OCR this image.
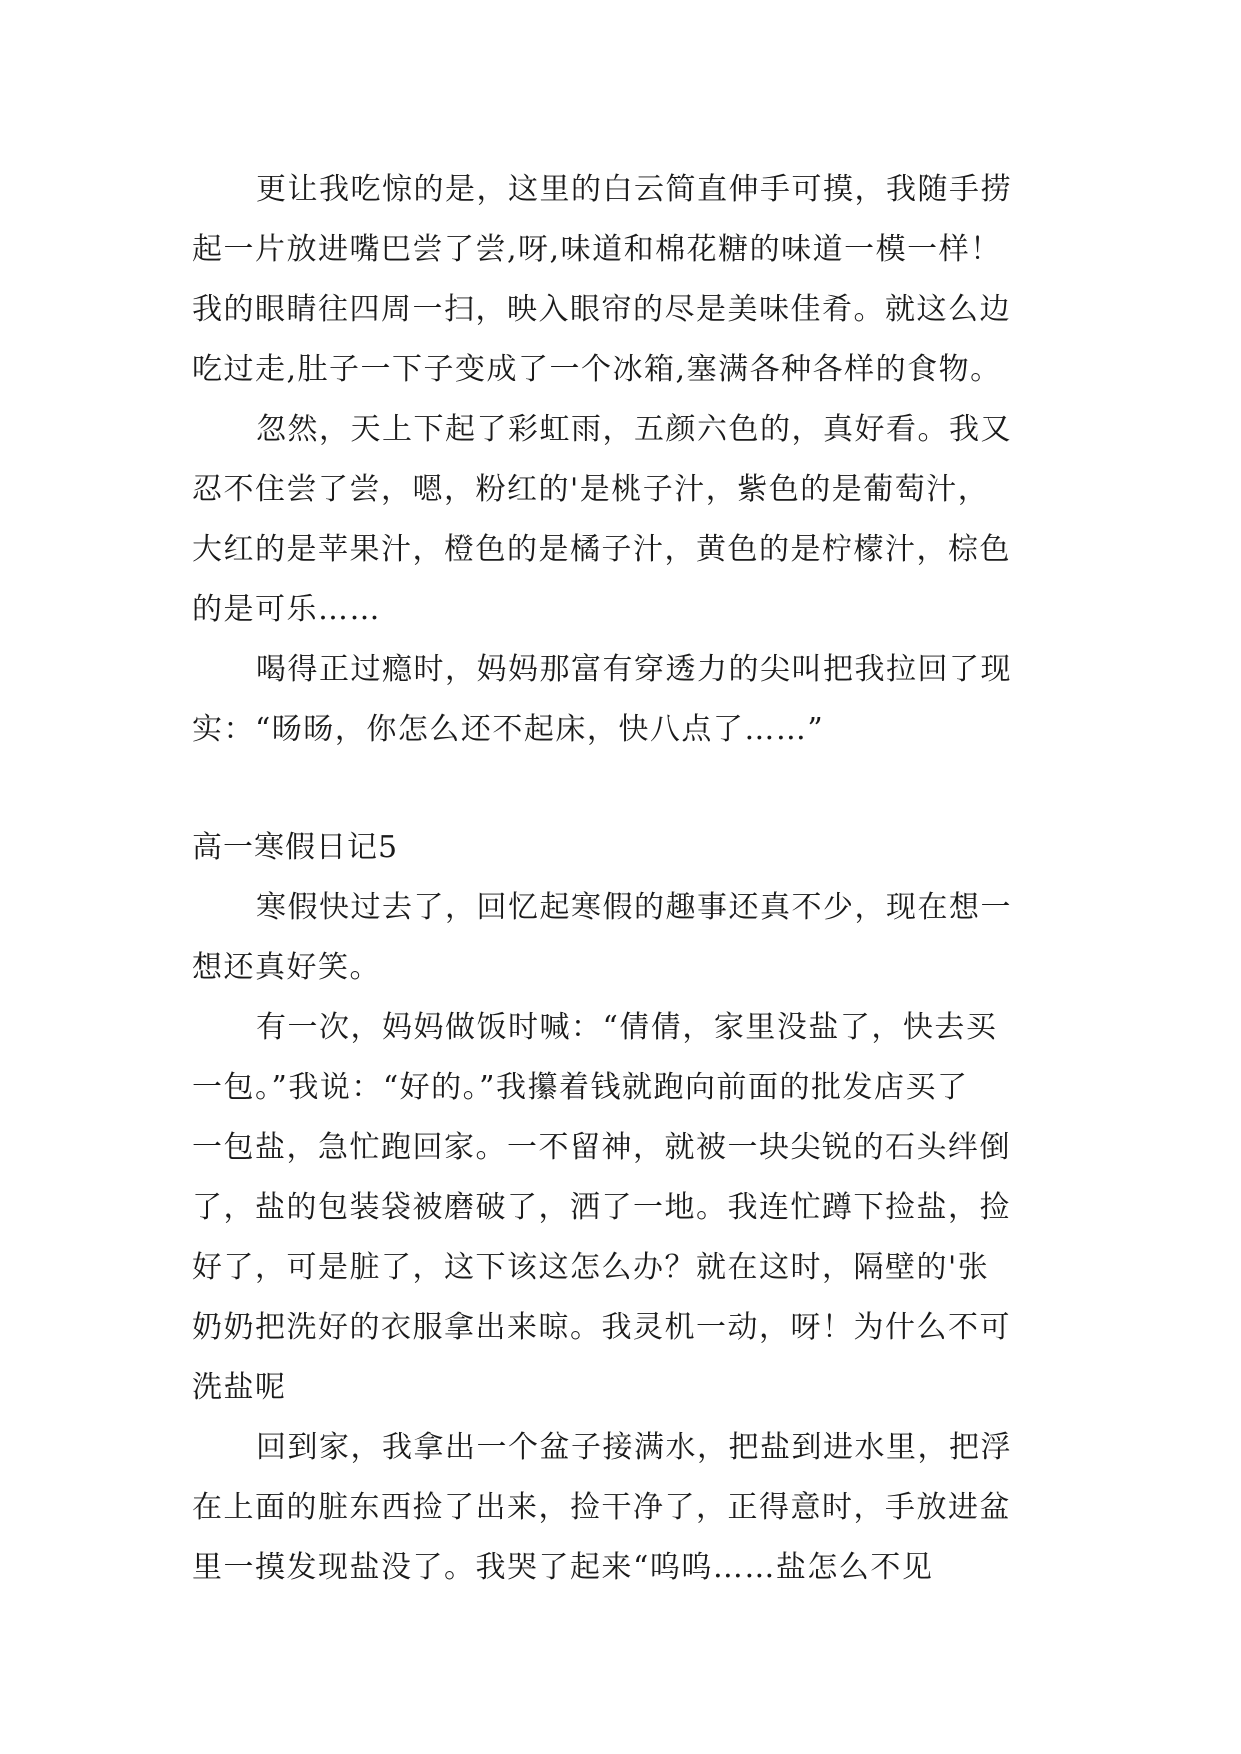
更让我吃惊的是，这里的白云简直伸手可摸，我随手捞
起一片放进嘴巴尝了尝,呀,味道和棉花糖的味道一模一样！
我的眼睛往四周一扫，映入眼帘的尽是美味佳肴。就这么边
吃过走,肚子一下子变成了一个冰箱,塞满各种各样的食物。
忽然，天上下起了彩虹雨，五颜六色的，真好看。我又
忍不住尝了尝，嗯，粉红的'是桃子汁，紫色的是葡萄汁，
大红的是苹果汁，橙色的是橘子汁，黄色的是柠檬汁，棕色
的是可乐……
喝得正过瘾时，妈妈那富有穿透力的尖叫把我拉回了现
实：“旸旸，你怎么还不起床，快八点了……”
高一寒假日记5
寒假快过去了，回忆起寒假的趣事还真不少，现在想一
想还真好笑。
有一次，妈妈做饭时喊：“倩倩，家里没盐了，快去买
一包。”我说：“好的。”我攥着钱就跑向前面的批发店买了
一包盐，急忙跑回家。一不留神，就被一块尖锐的石头绊倒
了，盐的包装袋被磨破了，洒了一地。我连忙蹲下捡盐，捡
好了，可是脏了，这下该这怎么办？就在这时，隔壁的'张
奶奶把洗好的衣服拿出来晾。我灵机一动，呀！为什么不可
洗盐呢
回到家，我拿出一个盆子接满水，把盐到进水里，把浮
在上面的脏东西捡了出来，捡干净了，正得意时，手放进盆
里一摸发现盐没了。我哭了起来“呜呜……盐怎么不见
